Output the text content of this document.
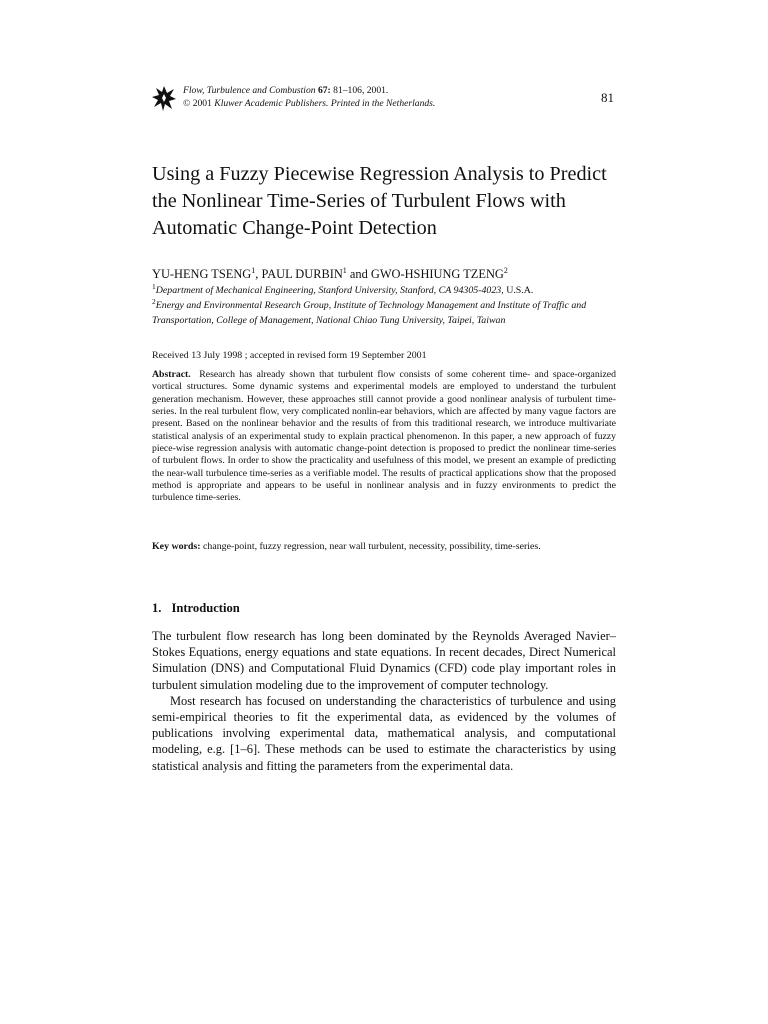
Flow, Turbulence and Combustion 67: 81–106, 2001.
© 2001 Kluwer Academic Publishers. Printed in the Netherlands.	81
Using a Fuzzy Piecewise Regression Analysis to Predict the Nonlinear Time-Series of Turbulent Flows with Automatic Change-Point Detection
YU-HENG TSENG$^1$, PAUL DURBIN$^1$ and GWO-HSHIUNG TZENG$^2$
$^1$Department of Mechanical Engineering, Stanford University, Stanford, CA 94305-4023, U.S.A.
$^2$Energy and Environmental Research Group, Institute of Technology Management and Institute of Traffic and Transportation, College of Management, National Chiao Tung University, Taipei, Taiwan
Received 13 July 1998 ; accepted in revised form 19 September 2001

Abstract. Research has already shown that turbulent flow consists of some coherent time- and space-organized vortical structures. Some dynamic systems and experimental models are employed to understand the turbulent generation mechanism. However, these approaches still cannot provide a good nonlinear analysis of turbulent time-series. In the real turbulent flow, very complicated nonlin-ear behaviors, which are affected by many vague factors are present. Based on the nonlinear behavior and the results of from this traditional research, we introduce multivariate statistical analysis of an experimental study to explain practical phenomenon. In this paper, a new approach of fuzzy piece-wise regression analysis with automatic change-point detection is proposed to predict the nonlinear time-series of turbulent flows. In order to show the practicality and usefulness of this model, we present an example of predicting the near-wall turbulence time-series as a verifiable model. The results of practical applications show that the proposed method is appropriate and appears to be useful in nonlinear analysis and in fuzzy environments to predict the turbulence time-series.

Key words: change-point, fuzzy regression, near wall turbulent, necessity, possibility, time-series.
1. Introduction

The turbulent flow research has long been dominated by the Reynolds Averaged Navier–Stokes Equations, energy equations and state equations. In recent decades, Direct Numerical Simulation (DNS) and Computational Fluid Dynamics (CFD) code play important roles in turbulent simulation modeling due to the improvement of computer technology.

Most research has focused on understanding the characteristics of turbulence and using semi-empirical theories to fit the experimental data, as evidenced by the volumes of publications involving experimental data, mathematical analysis, and computational modeling, e.g. [1–6]. These methods can be used to estimate the characteristics by using statistical analysis and fitting the parameters from the experimental data.
